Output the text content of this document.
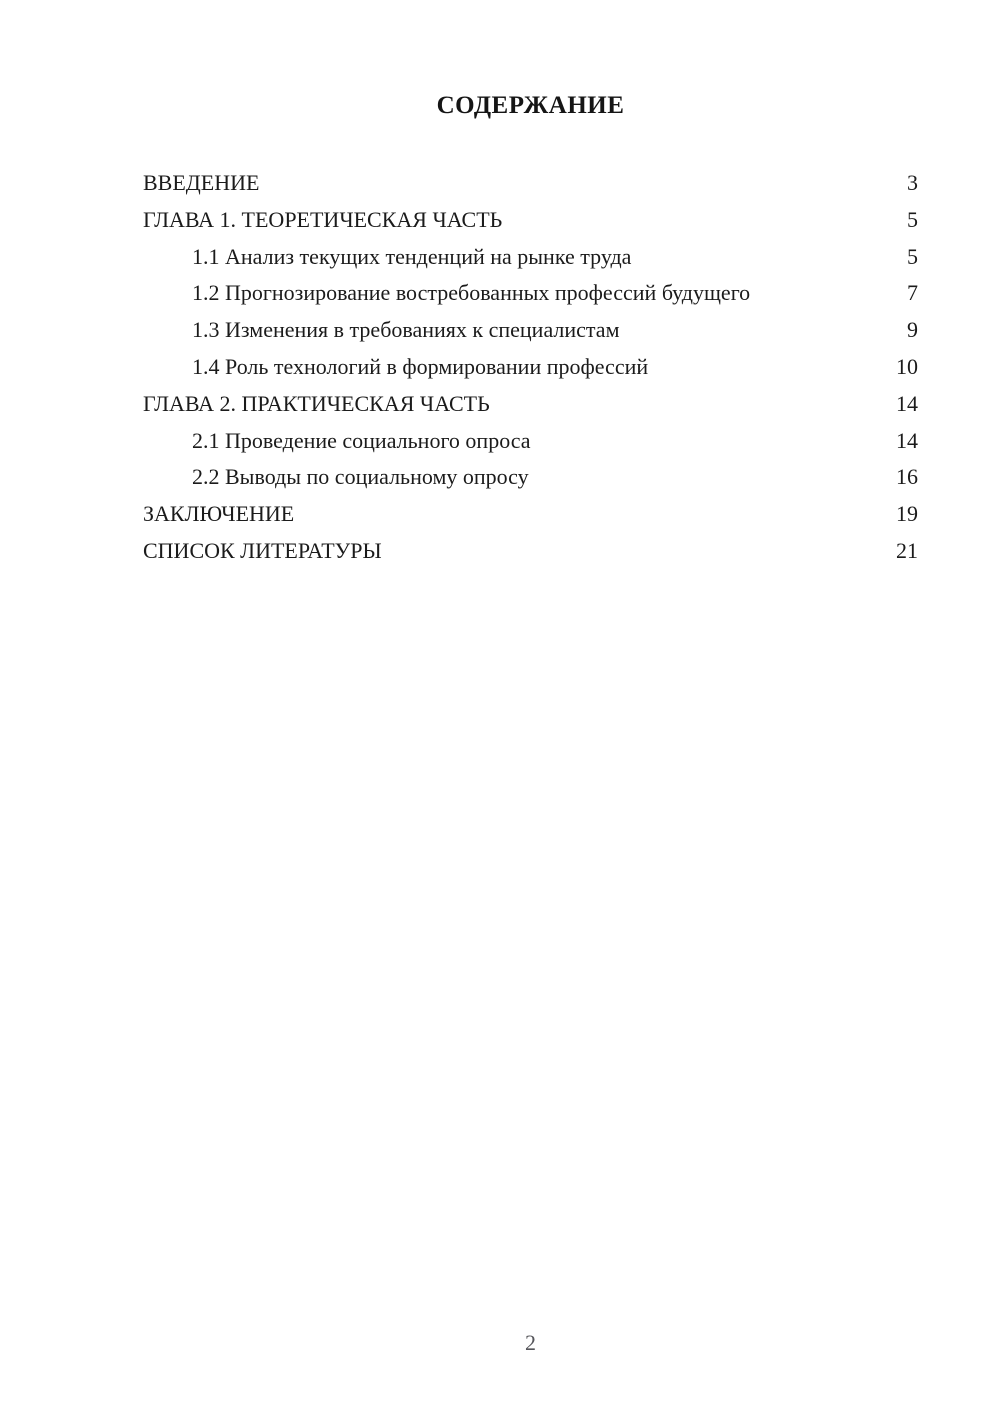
СОДЕРЖАНИЕ
ВВЕДЕНИЕ	3
ГЛАВА 1. ТЕОРЕТИЧЕСКАЯ ЧАСТЬ	5
1.1 Анализ текущих тенденций на рынке труда	5
1.2 Прогнозирование востребованных профессий будущего	7
1.3 Изменения в требованиях к специалистам	9
1.4 Роль технологий в формировании профессий	10
ГЛАВА 2. ПРАКТИЧЕСКАЯ ЧАСТЬ	14
2.1 Проведение социального опроса	14
2.2 Выводы по социальному опросу	16
ЗАКЛЮЧЕНИЕ	19
СПИСОК ЛИТЕРАТУРЫ	21
2
